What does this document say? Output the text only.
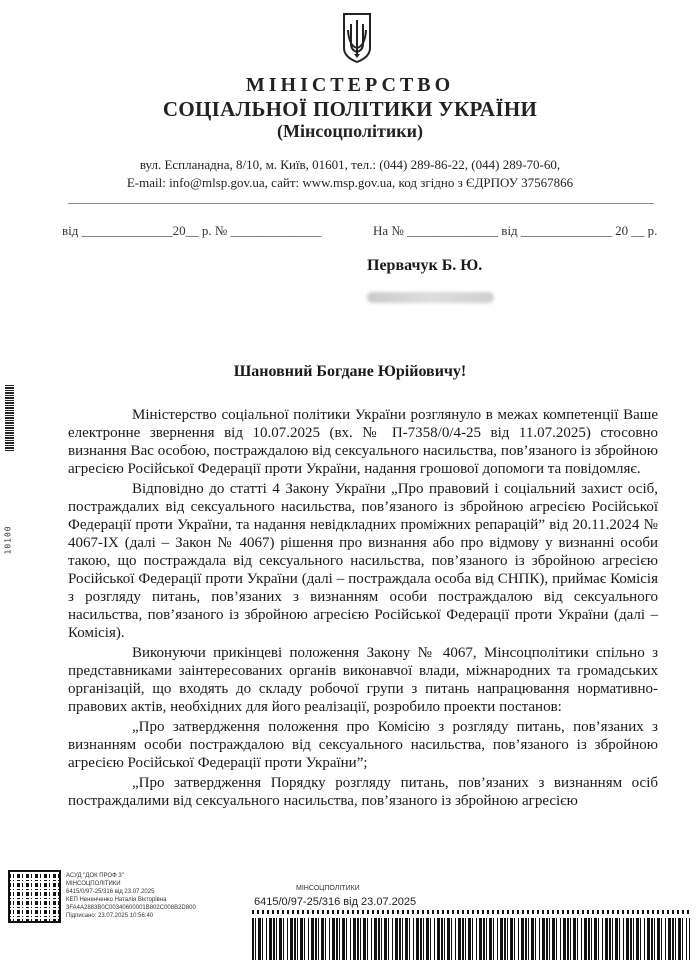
МІНІСТЕРСТВО
СОЦІАЛЬНОЇ ПОЛІТИКИ УКРАЇНИ
(Мінсоцполітики)
вул. Еспланадна, 8/10, м. Київ, 01601, тел.: (044) 289-86-22, (044) 289-70-60,
E-mail: info@mlsp.gov.ua, сайт: www.msp.gov.ua, код згідно з ЄДРПОУ 37567866
від ______________20__ р. № ______________	На № ______________ від ______________ 20 __ р.
Первачук Б. Ю.
Шановний Богдане Юрійовичу!

Міністерство соціальної політики України розглянуло в межах компетенції Ваше електронне звернення від 10.07.2025 (вх. № П-7358/0/4-25 від 11.07.2025) стосовно визнання Вас особою, постраждалою від сексуального насильства, пов’язаного із збройною агресією Російської Федерації проти України, надання грошової допомоги та повідомляє.

Відповідно до статті 4 Закону України „Про правовий і соціальний захист осіб, постраждалих від сексуального насильства, пов’язаного із збройною агресією Російської Федерації проти України, та надання невідкладних проміжних репарацій” від 20.11.2024 № 4067-ІХ (далі – Закон № 4067) рішення про визнання або про відмову у визнанні особи такою, що постраждала від сексуального насильства, пов’язаного із збройною агресією Російської Федерації проти України (далі – постраждала особа від СНПК), приймає Комісія з розгляду питань, пов’язаних з визнанням особи постраждалою від сексуального насильства, пов’язаного із збройною агресією Російської Федерації проти України (далі – Комісія).

Виконуючи прикінцеві положення Закону № 4067, Мінсоцполітики спільно з представниками заінтересованих органів виконавчої влади, міжнародних та громадських організацій, що входять до складу робочої групи з питань напрацювання нормативно-правових актів, необхідних для його реалізації, розробило проекти постанов:

„Про затвердження положення про Комісію з розгляду питань, пов’язаних з визнанням особи постраждалою від сексуального насильства, пов’язаного із збройною агресією Російської Федерації проти України”;

„Про затвердження Порядку розгляду питань, пов’язаних з визнанням осіб постраждалими від сексуального насильства, пов’язаного із збройною агресією

10100
АСУД "ДОК ПРОФ 3"
МІНСОЦПОЛІТИКИ
6415/0/97-25/316 від 23.07.2025
КЕП Нененченко Наталія Вікторівна
3FA4A2883B0C00340600001B802C008B2D800
Підписано: 23.07.2025 10:56:40
МІНСОЦПОЛІТИКИ
6415/0/97-25/316 від 23.07.2025
